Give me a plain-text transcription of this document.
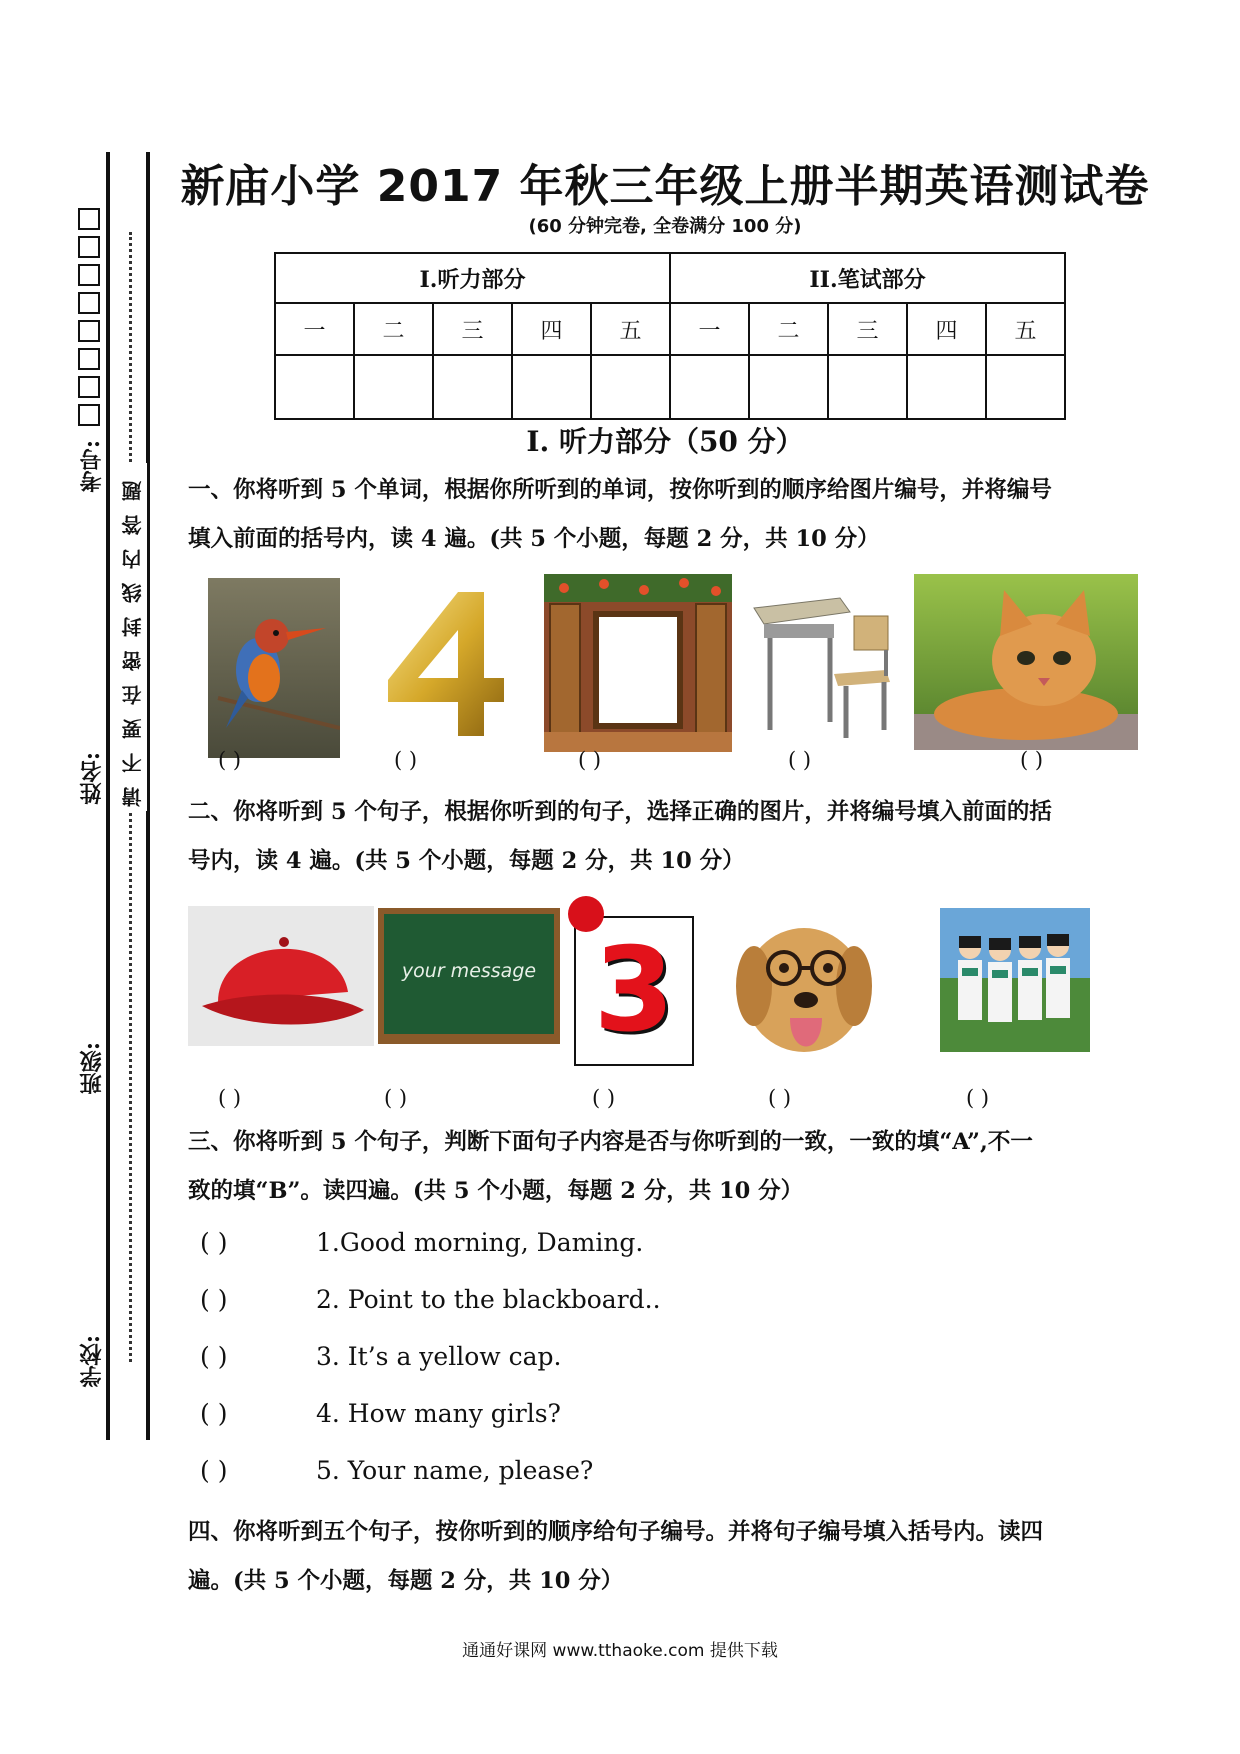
考号:
姓名:
班级:
学校:
请不要在密封线内答题
新庙小学 2017 年秋三年级上册半期英语测试卷
(60 分钟完卷, 全卷满分 100 分)
I.听力部分					II.笔试部分				
一	二	三	四	五	一	二	三	四	五

I. 听力部分（50 分）
一、你将听到 5 个单词，根据你所听到的单词，按你听到的顺序给图片编号，并将编号
填入前面的括号内，读 4 遍。(共 5 个小题，每题 2 分，共 10 分）
( )	( )	( )	( )	( )
二、你将听到 5 个句子，根据你听到的句子，选择正确的图片，并将编号填入前面的括
号内，读 4 遍。(共 5 个小题，每题 2 分，共 10 分）
your message 3
( )	( )	( )	( )	( )
三、你将听到 5 个句子，判断下面句子内容是否与你听到的一致，一致的填“A”,不一
致的填“B”。读四遍。(共 5 个小题，每题 2 分，共 10 分）
( )	1.Good morning, Daming.
( )	2. Point to the blackboard..
( )	3. It’s a yellow cap.
( )	4. How many girls?
( )	5. Your name, please?
四、你将听到五个句子，按你听到的顺序给句子编号。并将句子编号填入括号内。读四
遍。(共 5 个小题，每题 2 分，共 10 分）
通通好课网 www.tthaoke.com 提供下载
